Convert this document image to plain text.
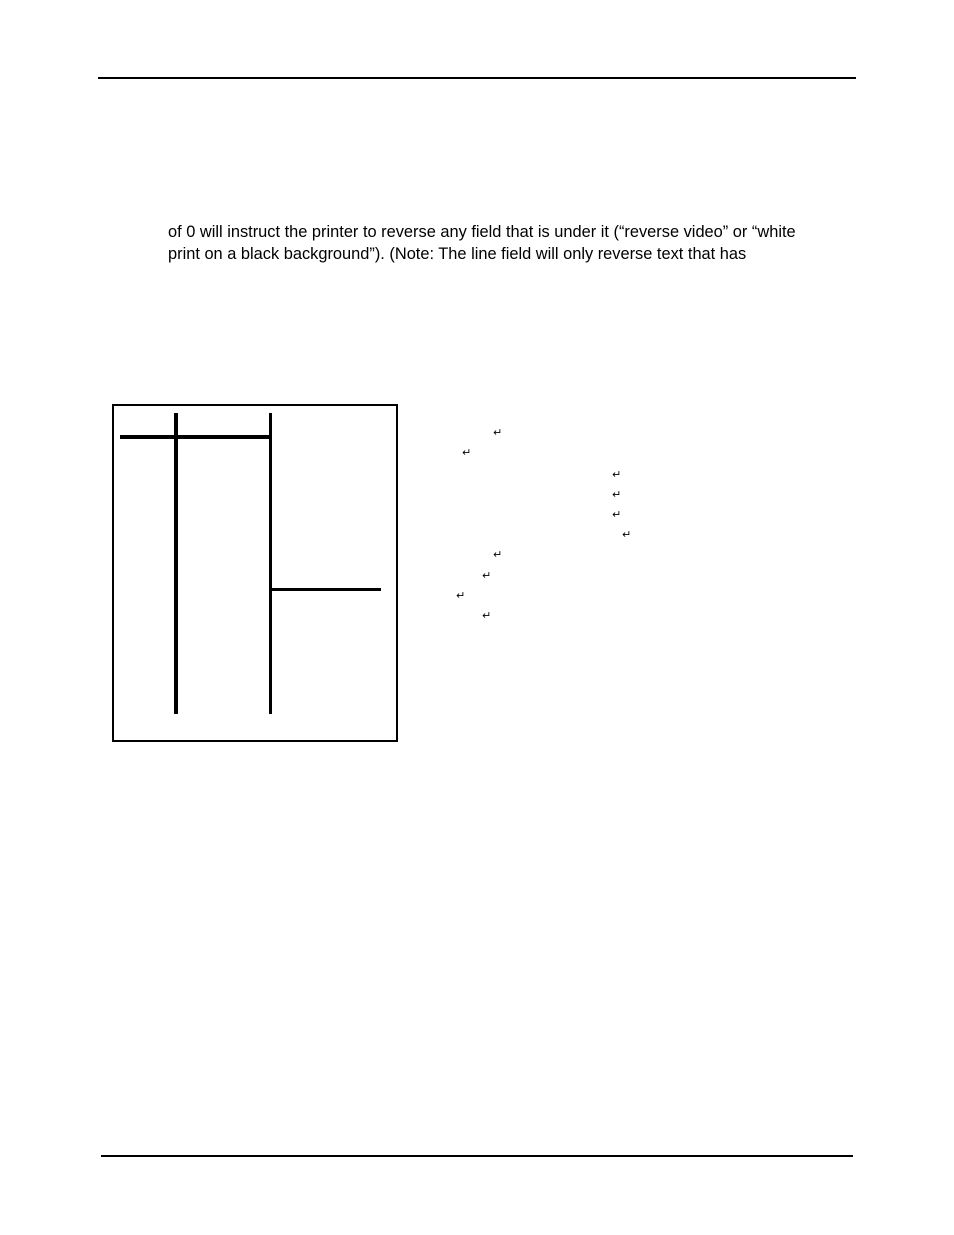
of 0 will instruct the printer to reverse any field that is under it (“reverse video” or “white
print on a black background”). (Note: The line field will only reverse text that has

↵
↵
↵
↵
↵
↵
↵
↵
↵
↵
